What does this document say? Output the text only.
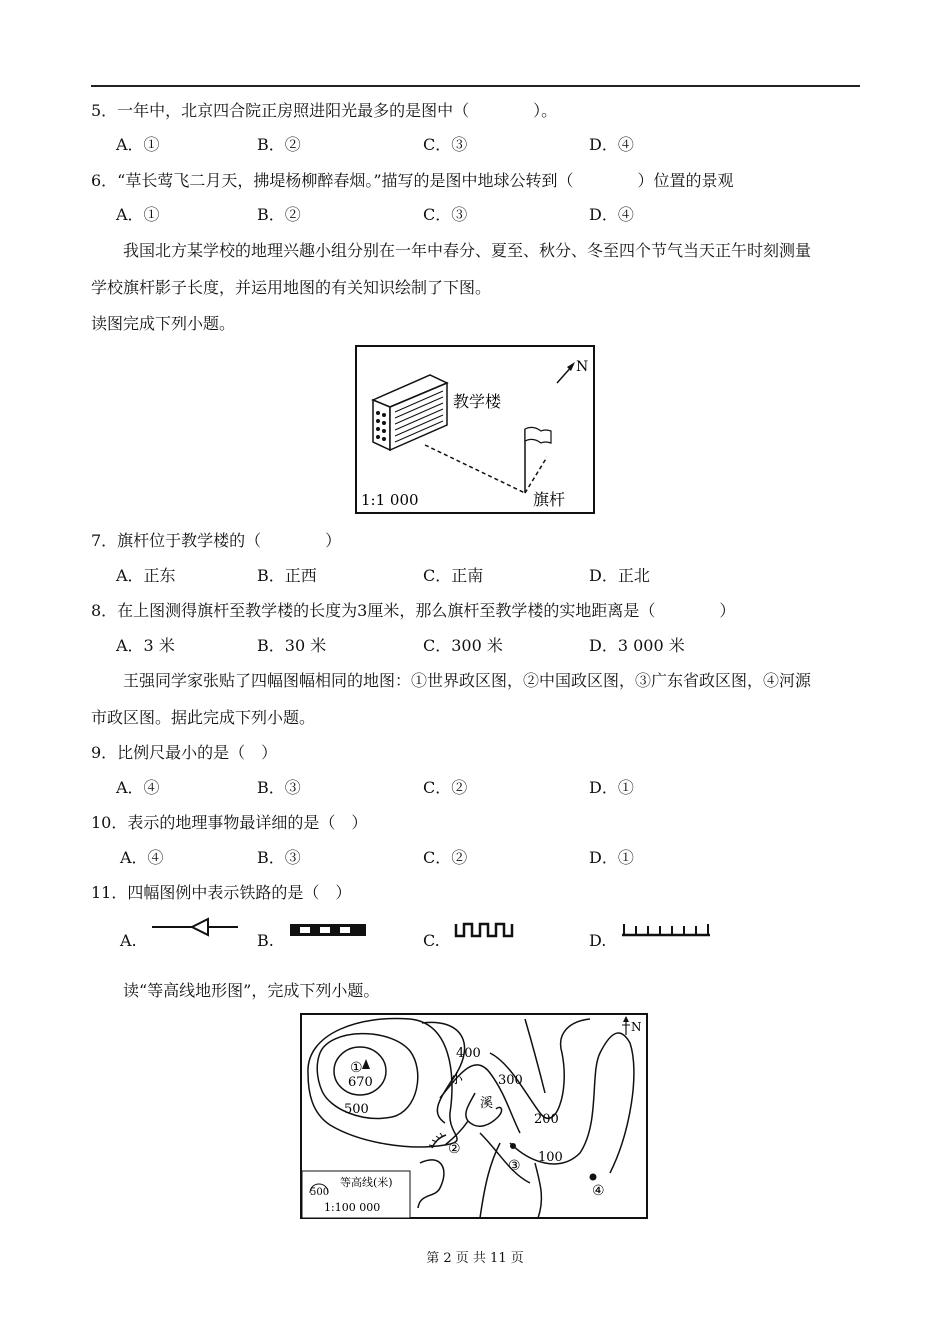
5．一年中，北京四合院正房照进阳光最多的是图中（　　　　）。
A．①	B．②	C．③	D．④
6．“草长莺飞二月天，拂堤杨柳醉春烟。”描写的是图中地球公转到（　　　　）位置的景观
A．①	B．②	C．③	D．④
我国北方某学校的地理兴趣小组分别在一年中春分、夏至、秋分、冬至四个节气当天正午时刻测量
学校旗杆影子长度，并运用地图的有关知识绘制了下图。
读图完成下列小题。
教学楼
旗杆
N
1:1 000
7．旗杆位于教学楼的（　　　　）
A．正东	B．正西	C．正南	D．正北
8．在上图测得旗杆至教学楼的长度为3厘米，那么旗杆至教学楼的实地距离是（　　　　）
A．3 米	B．30 米	C．300 米	D．3 000 米
王强同学家张贴了四幅图幅相同的地图：①世界政区图，②中国政区图，③广东省政区图，④河源
市政区图。据此完成下列小题。
9．比例尺最小的是（　）
A．④	B．③	C．②	D．①
10．表示的地理事物最详细的是（　）
A．④	B．③	C．②	D．①
11．四幅图例中表示铁路的是（　）
A.	B.	C.	D.
读“等高线地形图”，完成下列小题。
①
670
500
400
300
200
100
小
溪
②
③
④
N
500
等高线(米)
1:100 000
第 2 页 共 11 页
